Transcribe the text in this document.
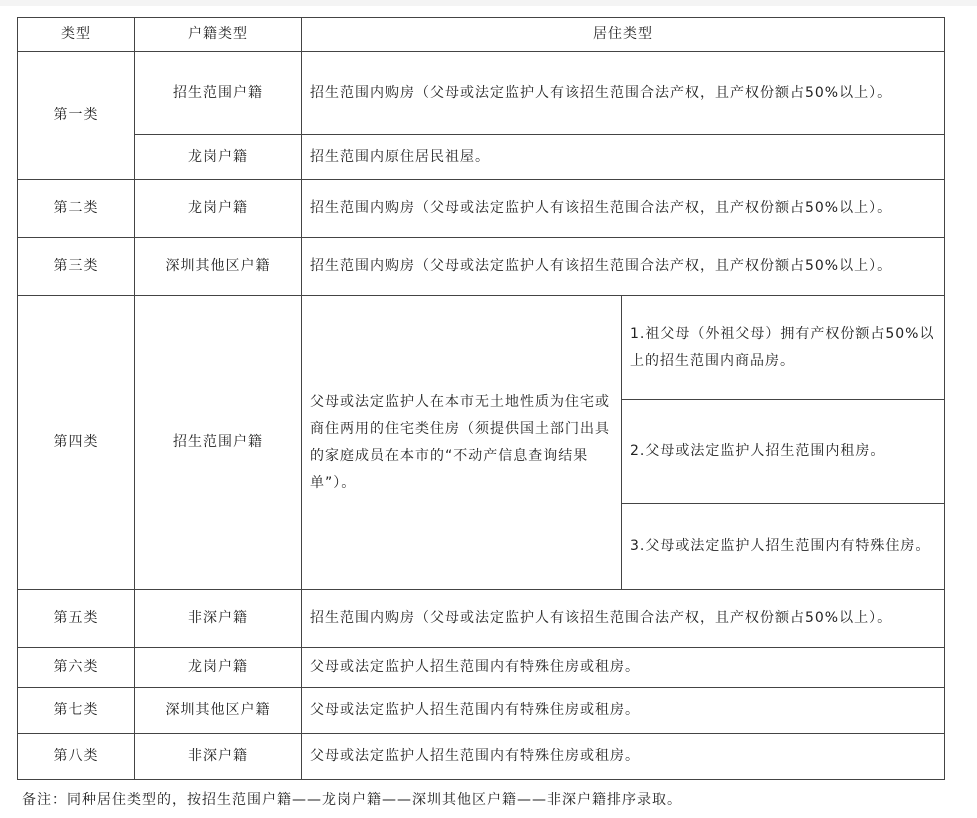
类型	户籍类型	居住类型	
第一类	招生范围户籍	招生范围内购房（父母或法定监护人有该招生范围合法产权，且产权份额占50%以上）。	
	龙岗户籍	招生范围内原住居民祖屋。	
第二类	龙岗户籍	招生范围内购房（父母或法定监护人有该招生范围合法产权，且产权份额占50%以上）。	
第三类	深圳其他区户籍	招生范围内购房（父母或法定监护人有该招生范围合法产权，且产权份额占50%以上）。	
第四类	招生范围户籍	父母或法定监护人在本市无土地性质为住宅或商住两用的住宅类住房（须提供国土部门出具的家庭成员在本市的“不动产信息查询结果单”）。	1.祖父母（外祖父母）拥有产权份额占50%以上的招生范围内商品房。
			2.父母或法定监护人招生范围内租房。
			3.父母或法定监护人招生范围内有特殊住房。
第五类	非深户籍	招生范围内购房（父母或法定监护人有该招生范围合法产权，且产权份额占50%以上）。	
第六类	龙岗户籍	父母或法定监护人招生范围内有特殊住房或租房。	
第七类	深圳其他区户籍	父母或法定监护人招生范围内有特殊住房或租房。	
第八类	非深户籍	父母或法定监护人招生范围内有特殊住房或租房。	
备注：同种居住类型的，按招生范围户籍——龙岗户籍——深圳其他区户籍——非深户籍排序录取。
